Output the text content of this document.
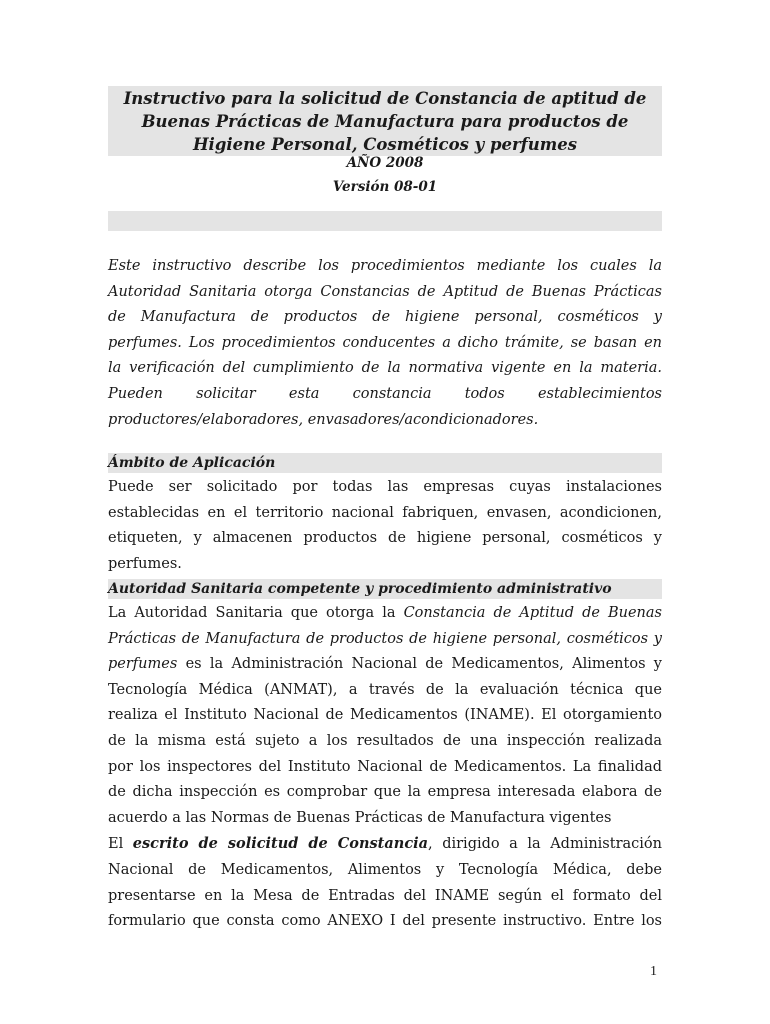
Instructivo para la solicitud de Constancia de aptitud de
Buenas Prácticas de Manufactura para productos de
Higiene Personal, Cosméticos y perfumes
AÑO 2008
Versión 08-01
Este instructivo describe los procedimientos mediante los cuales la
Autoridad Sanitaria otorga Constancias de Aptitud de Buenas Prácticas
de Manufactura de productos de higiene personal, cosméticos y
perfumes. Los procedimientos conducentes a dicho trámite, se basan en
la verificación del cumplimiento de la normativa vigente en la materia.
Pueden solicitar esta constancia todos establecimientos
productores/elaboradores, envasadores/acondicionadores.
Ámbito de Aplicación
Puede ser solicitado por todas las empresas cuyas instalaciones
establecidas en el territorio nacional fabriquen, envasen, acondicionen,
etiqueten, y almacenen productos de higiene personal, cosméticos y
perfumes.
Autoridad Sanitaria competente y procedimiento administrativo
La Autoridad Sanitaria que otorga la Constancia de Aptitud de Buenas
Prácticas de Manufactura de productos de higiene personal, cosméticos y
perfumes es la Administración Nacional de Medicamentos, Alimentos y
Tecnología Médica (ANMAT), a través de la evaluación técnica que
realiza el Instituto Nacional de Medicamentos (INAME). El otorgamiento
de la misma está sujeto a los resultados de una inspección realizada
por los inspectores del Instituto Nacional de Medicamentos. La finalidad
de dicha inspección es comprobar que la empresa interesada elabora de
acuerdo a las Normas de Buenas Prácticas de Manufactura vigentes
El escrito de solicitud de Constancia, dirigido a la Administración
Nacional de Medicamentos, Alimentos y Tecnología Médica, debe
presentarse en la Mesa de Entradas del INAME según el formato del
formulario que consta como ANEXO I del presente instructivo. Entre los
1
